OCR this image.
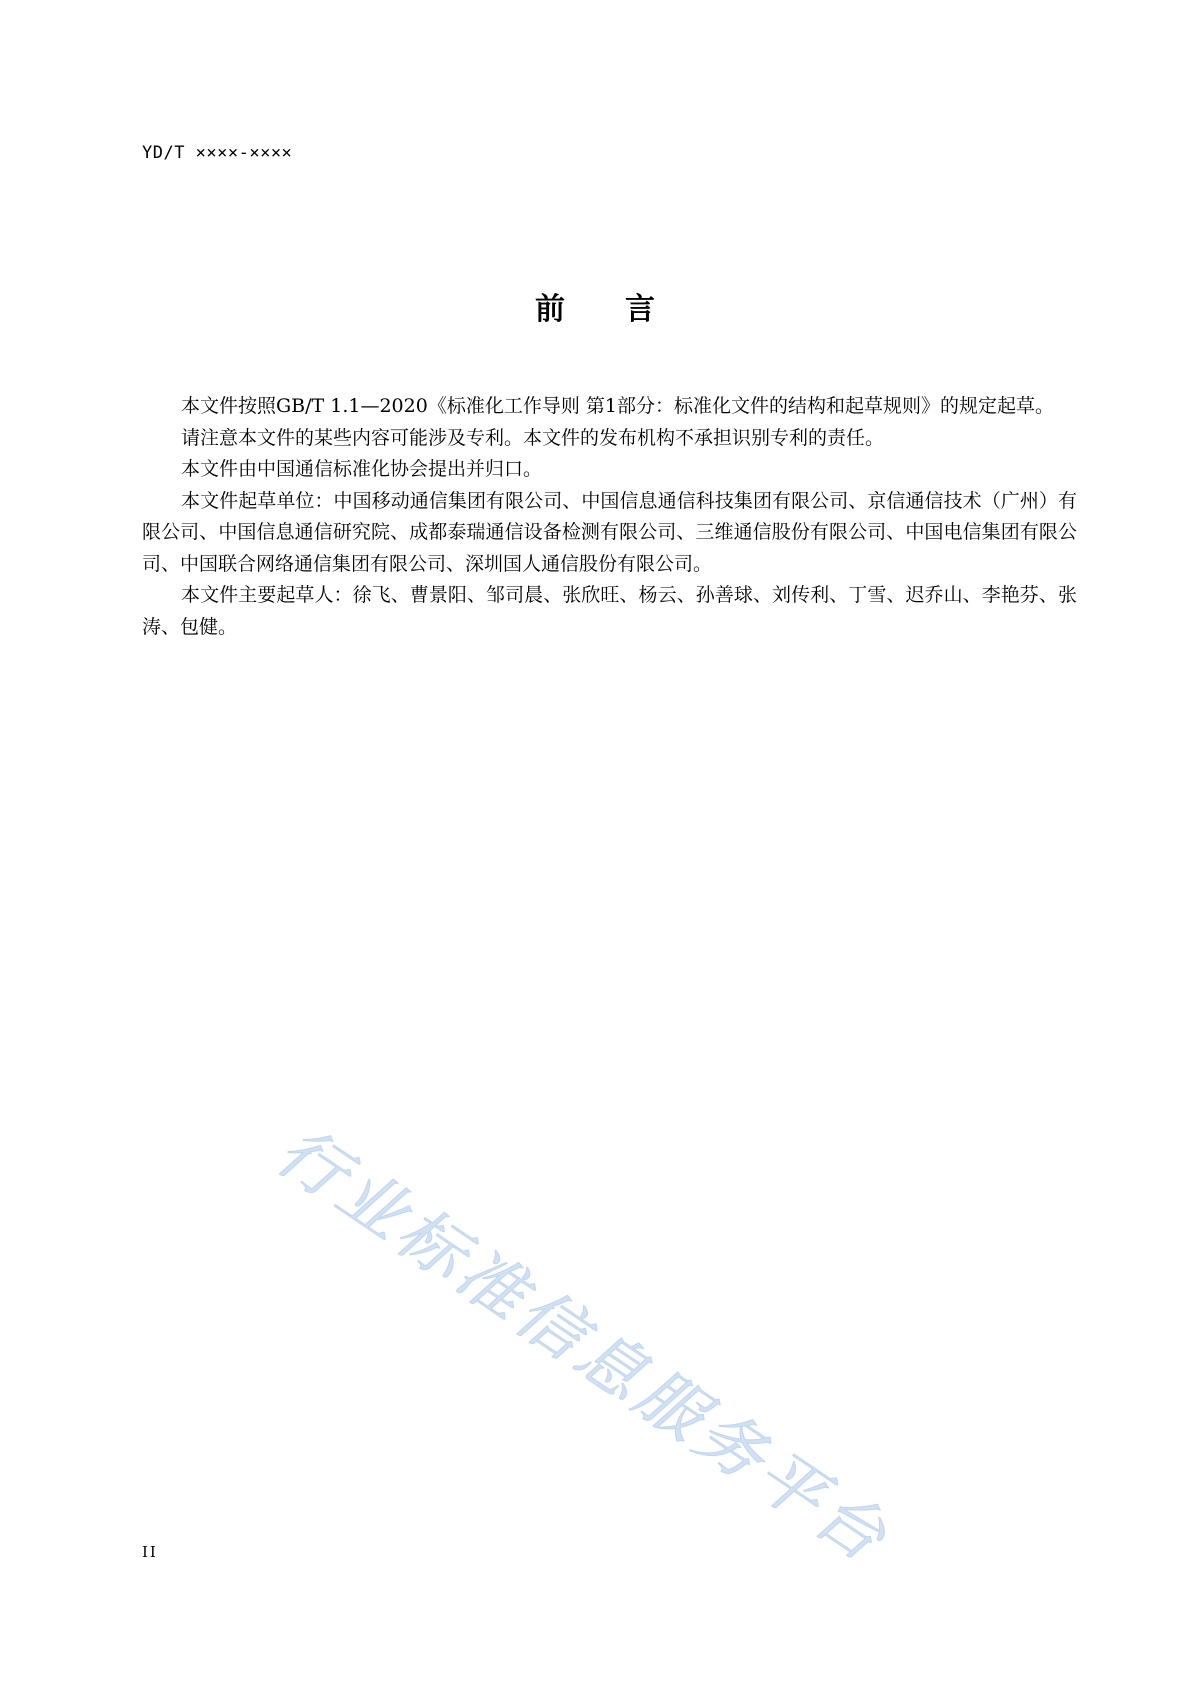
YD/T ××××-××××
前 言

本文件按照GB/T 1.1—2020《标准化工作导则 第1部分：标准化文件的结构和起草规则》的规定起草。

请注意本文件的某些内容可能涉及专利。本文件的发布机构不承担识别专利的责任。

本文件由中国通信标准化协会提出并归口。

本文件起草单位：中国移动通信集团有限公司、中国信息通信科技集团有限公司、京信通信技术（广州）有限公司、中国信息通信研究院、成都泰瑞通信设备检测有限公司、三维通信股份有限公司、中国电信集团有限公司、中国联合网络通信集团有限公司、深圳国人通信股份有限公司。

本文件主要起草人：徐飞、曹景阳、邹司晨、张欣旺、杨云、孙善球、刘传利、丁雪、迟乔山、李艳芬、张涛、包健。

行业标准信息服务平台
II
